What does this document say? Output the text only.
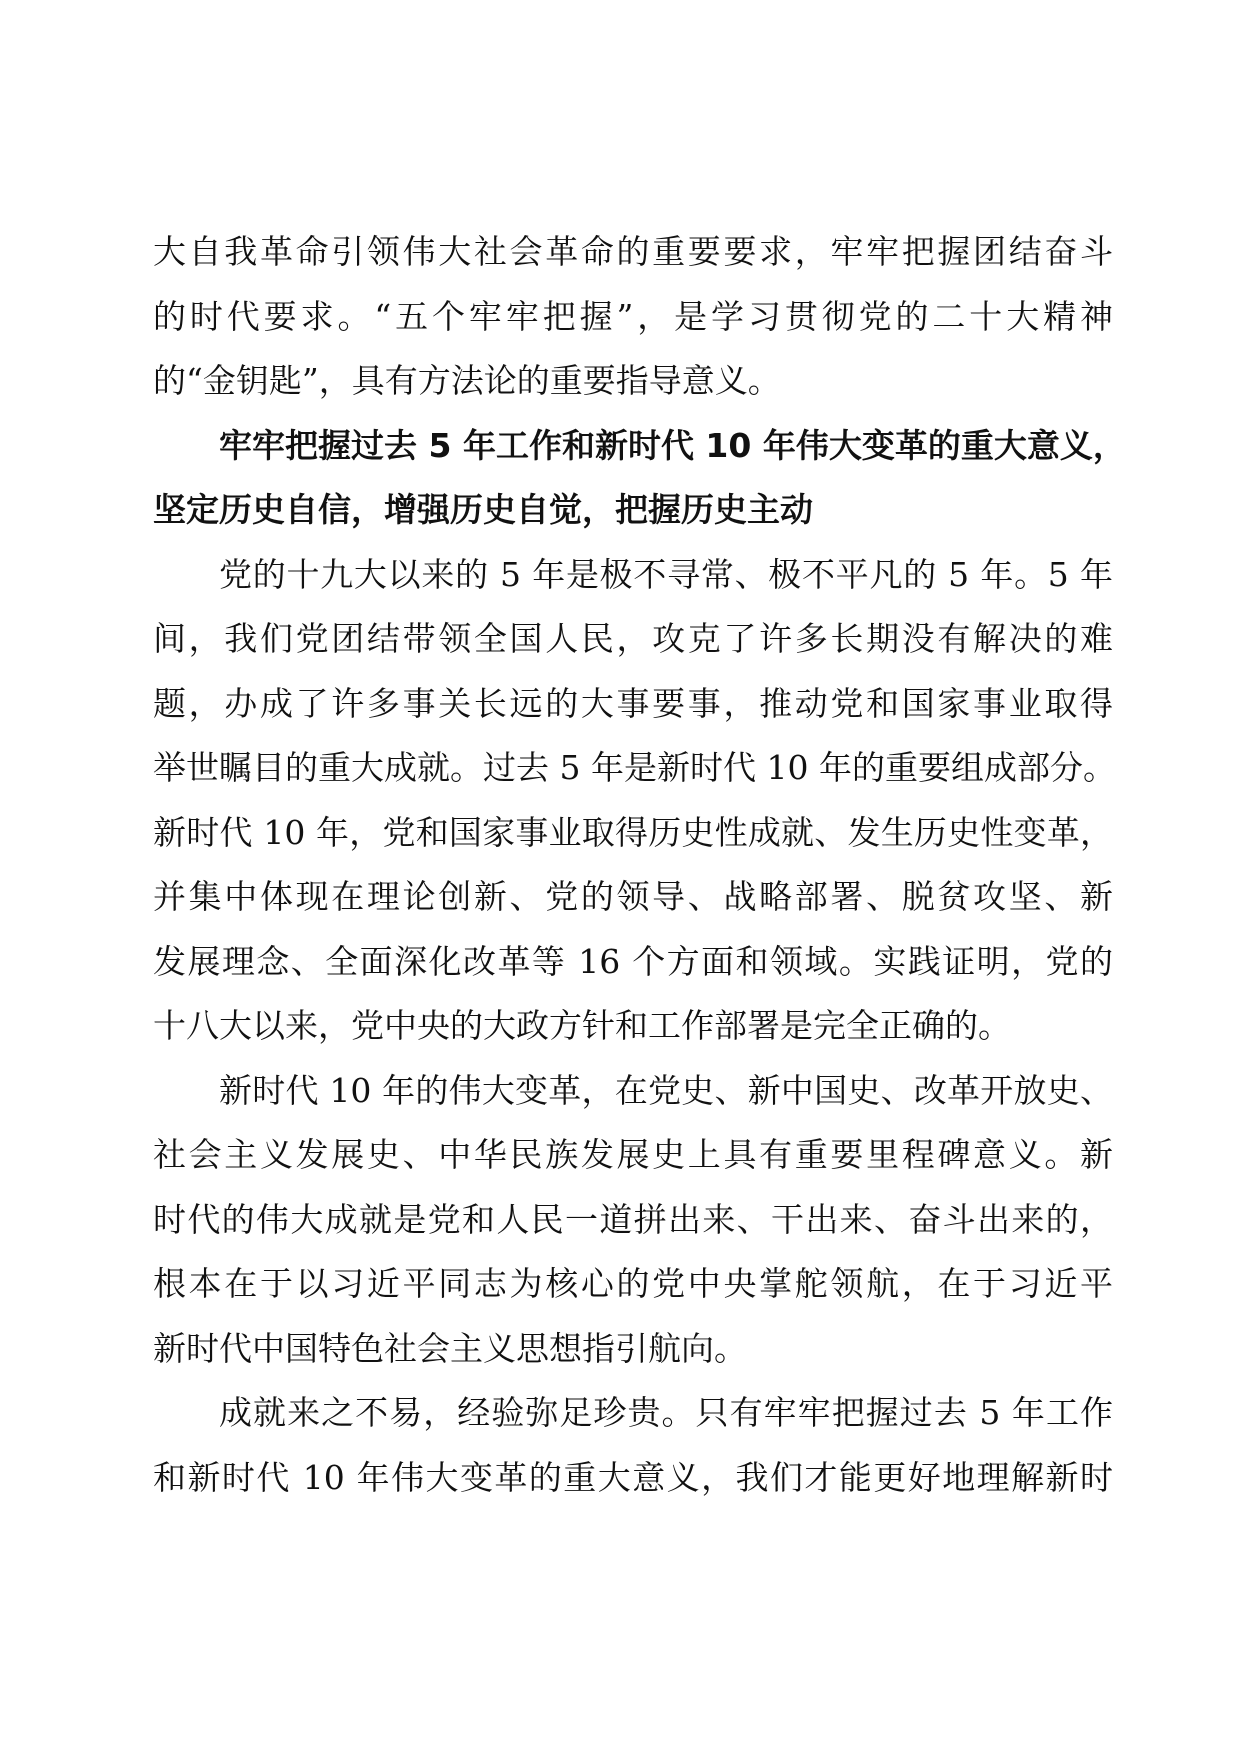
大自我革命引领伟大社会革命的重要要求，牢牢把握团结奋斗
的时代要求。“五个牢牢把握”，是学习贯彻党的二十大精神
的“金钥匙”，具有方法论的重要指导意义。
牢牢把握过去 5 年工作和新时代 10 年伟大变革的重大意义，
坚定历史自信，增强历史自觉，把握历史主动
党的十九大以来的 5 年是极不寻常、极不平凡的 5 年。5 年
间，我们党团结带领全国人民，攻克了许多长期没有解决的难
题，办成了许多事关长远的大事要事，推动党和国家事业取得
举世瞩目的重大成就。过去 5 年是新时代 10 年的重要组成部分。
新时代 10 年，党和国家事业取得历史性成就、发生历史性变革，
并集中体现在理论创新、党的领导、战略部署、脱贫攻坚、新
发展理念、全面深化改革等 16 个方面和领域。实践证明，党的
十八大以来，党中央的大政方针和工作部署是完全正确的。
新时代 10 年的伟大变革，在党史、新中国史、改革开放史、
社会主义发展史、中华民族发展史上具有重要里程碑意义。新
时代的伟大成就是党和人民一道拼出来、干出来、奋斗出来的，
根本在于以习近平同志为核心的党中央掌舵领航，在于习近平
新时代中国特色社会主义思想指引航向。
成就来之不易，经验弥足珍贵。只有牢牢把握过去 5 年工作
和新时代 10 年伟大变革的重大意义，我们才能更好地理解新时
